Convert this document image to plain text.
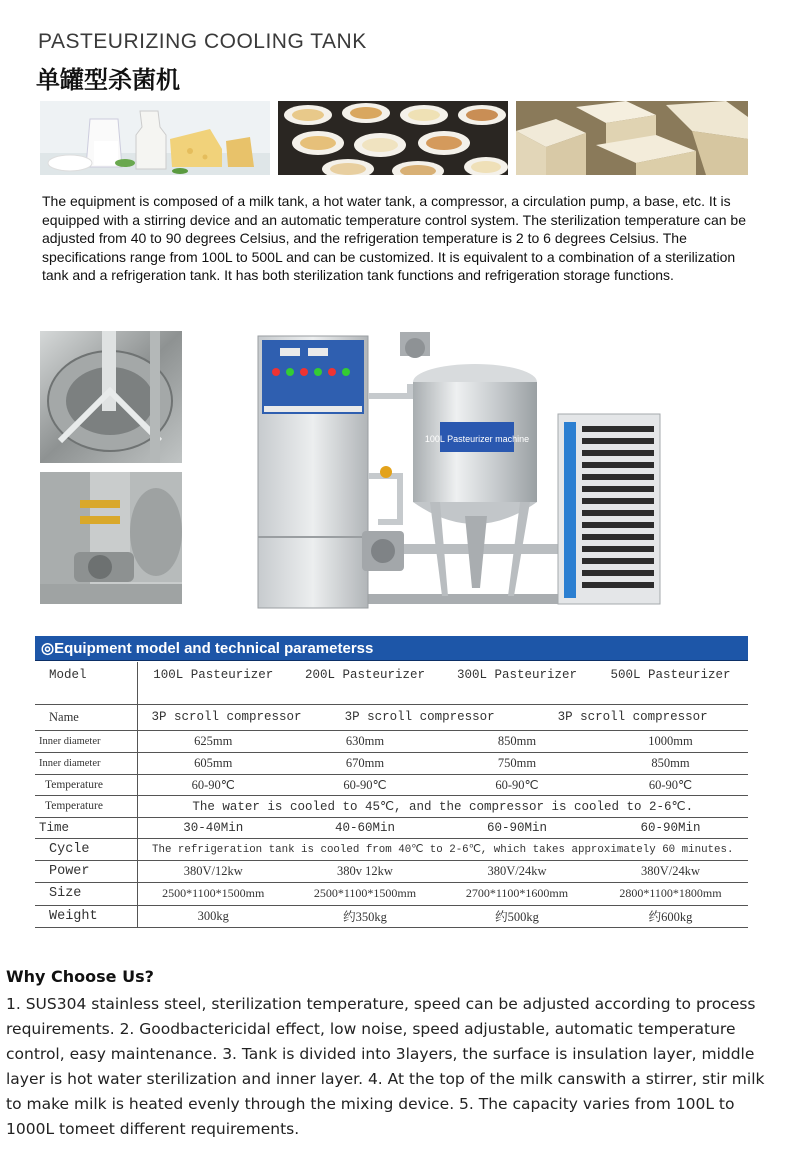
PASTEURIZING COOLING TANK
单罐型杀菌机
The equipment is composed of a milk tank, a hot water tank, a compressor, a circulation pump, a base, etc. It is equipped with a stirring device and an automatic temperature control system. The sterilization temperature can be adjusted from 40 to 90 degrees Celsius, and the refrigeration temperature is 2 to 6 degrees Celsius. The specifications range from 100L to 500L and can be customized. It is equivalent to a combination of a sterilization tank and a refrigeration tank. It has both sterilization tank functions and refrigeration storage functions.
100L Pasteurizer machine
◎Equipment model and technical parameterss
Model	100L Pasteurizer	200L Pasteurizer	300L Pasteurizer	500L Pasteurizer
Name	3P scroll compressor 3P scroll compressor 3P scroll compressor			
Inner diameter	625mm	630mm	850mm	1000mm
Inner diameter	605mm	670mm	750mm	850mm
Temperature	60-90℃	60-90℃	60-90℃	60-90℃
Temperature	The water is cooled to 45℃, and the compressor is cooled to 2-6℃.			
Time	30-40Min	40-60Min	60-90Min	60-90Min
Cycle	The refrigeration tank is cooled from 40℃ to 2-6℃, which takes approximately 60 minutes.			
Power	380V/12kw	380v 12kw	380V/24kw	380V/24kw
Size	2500*1100*1500mm	2500*1100*1500mm	2700*1100*1600mm	2800*1100*1800mm
Weight	300kg	约350kg	约500kg	约600kg
Why Choose Us?
1. SUS304 stainless steel, sterilization temperature, speed can be adjusted according to process requirements. 2. Goodbactericidal effect, low noise, speed adjustable, automatic temperature control, easy maintenance. 3. Tank is divided into 3layers, the surface is insulation layer, middle layer is hot water sterilization and inner layer. 4. At the top of the milk canswith a stirrer, stir milk to make milk is heated evenly through the mixing device. 5. The capacity varies from 100L to 1000L tomeet different requirements.
